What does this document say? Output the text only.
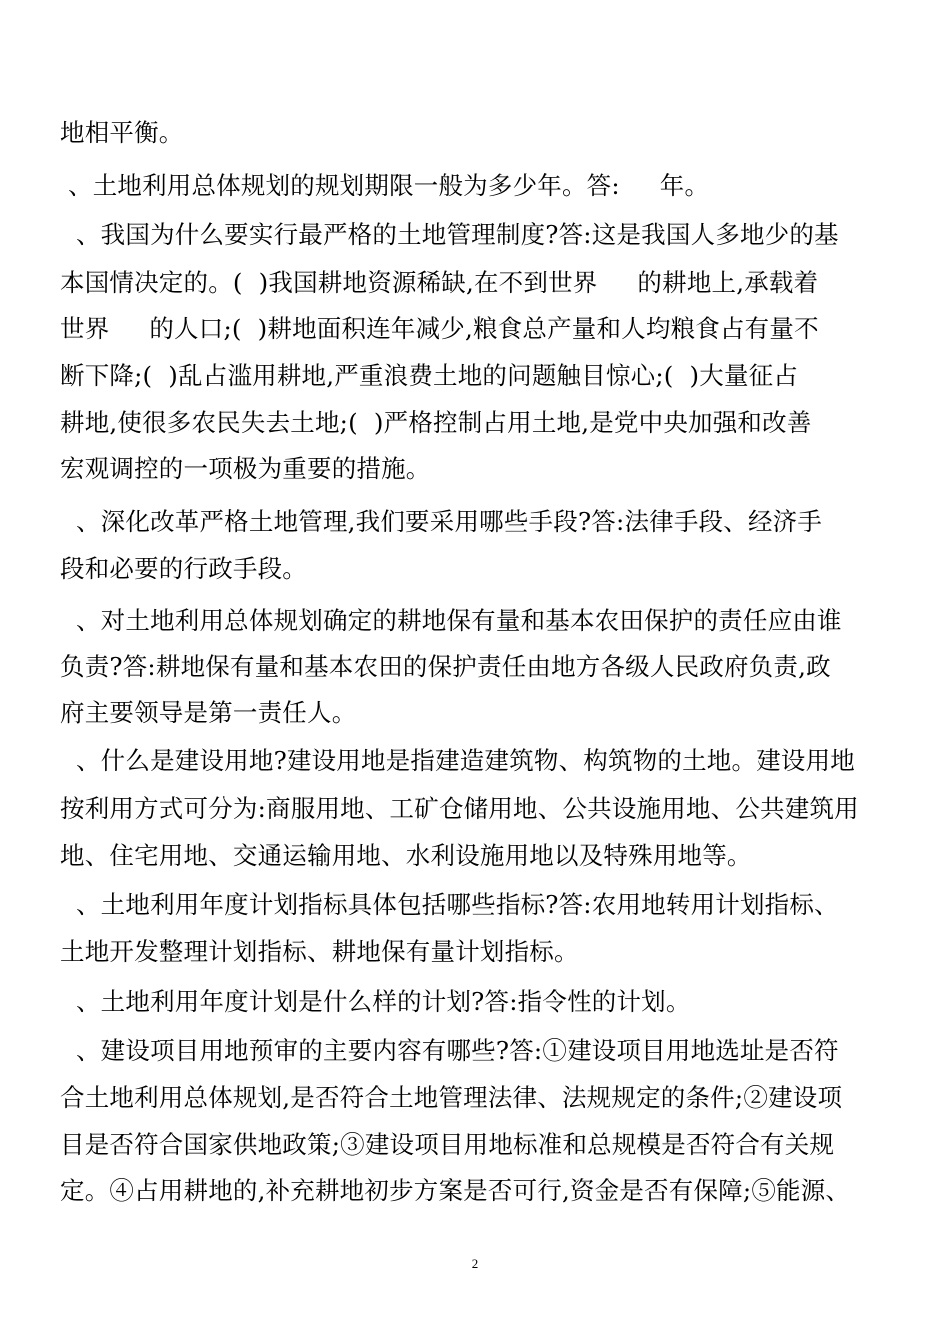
地相平衡。
、土地利用总体规划的规划期限一般为多少年。答:     年。
、我国为什么要实行最严格的土地管理制度?答:这是我国人多地少的基
本国情决定的。(  )我国耕地资源稀缺,在不到世界     的耕地上,承载着
世界     的人口;(  )耕地面积连年减少,粮食总产量和人均粮食占有量不
断下降;(  )乱占滥用耕地,严重浪费土地的问题触目惊心;(  )大量征占
耕地,使很多农民失去土地;(  )严格控制占用土地,是党中央加强和改善
宏观调控的一项极为重要的措施。
、深化改革严格土地管理,我们要采用哪些手段?答:法律手段、经济手
段和必要的行政手段。
、对土地利用总体规划确定的耕地保有量和基本农田保护的责任应由谁
负责?答:耕地保有量和基本农田的保护责任由地方各级人民政府负责,政
府主要领导是第一责任人。
、什么是建设用地?建设用地是指建造建筑物、构筑物的土地。建设用地
按利用方式可分为:商服用地、工矿仓储用地、公共设施用地、公共建筑用
地、住宅用地、交通运输用地、水利设施用地以及特殊用地等。
、土地利用年度计划指标具体包括哪些指标?答:农用地转用计划指标、
土地开发整理计划指标、耕地保有量计划指标。
、土地利用年度计划是什么样的计划?答:指令性的计划。
、建设项目用地预审的主要内容有哪些?答:①建设项目用地选址是否符
合土地利用总体规划,是否符合土地管理法律、法规规定的条件;②建设项
目是否符合国家供地政策;③建设项目用地标准和总规模是否符合有关规
定。④占用耕地的,补充耕地初步方案是否可行,资金是否有保障;⑤能源、
2
